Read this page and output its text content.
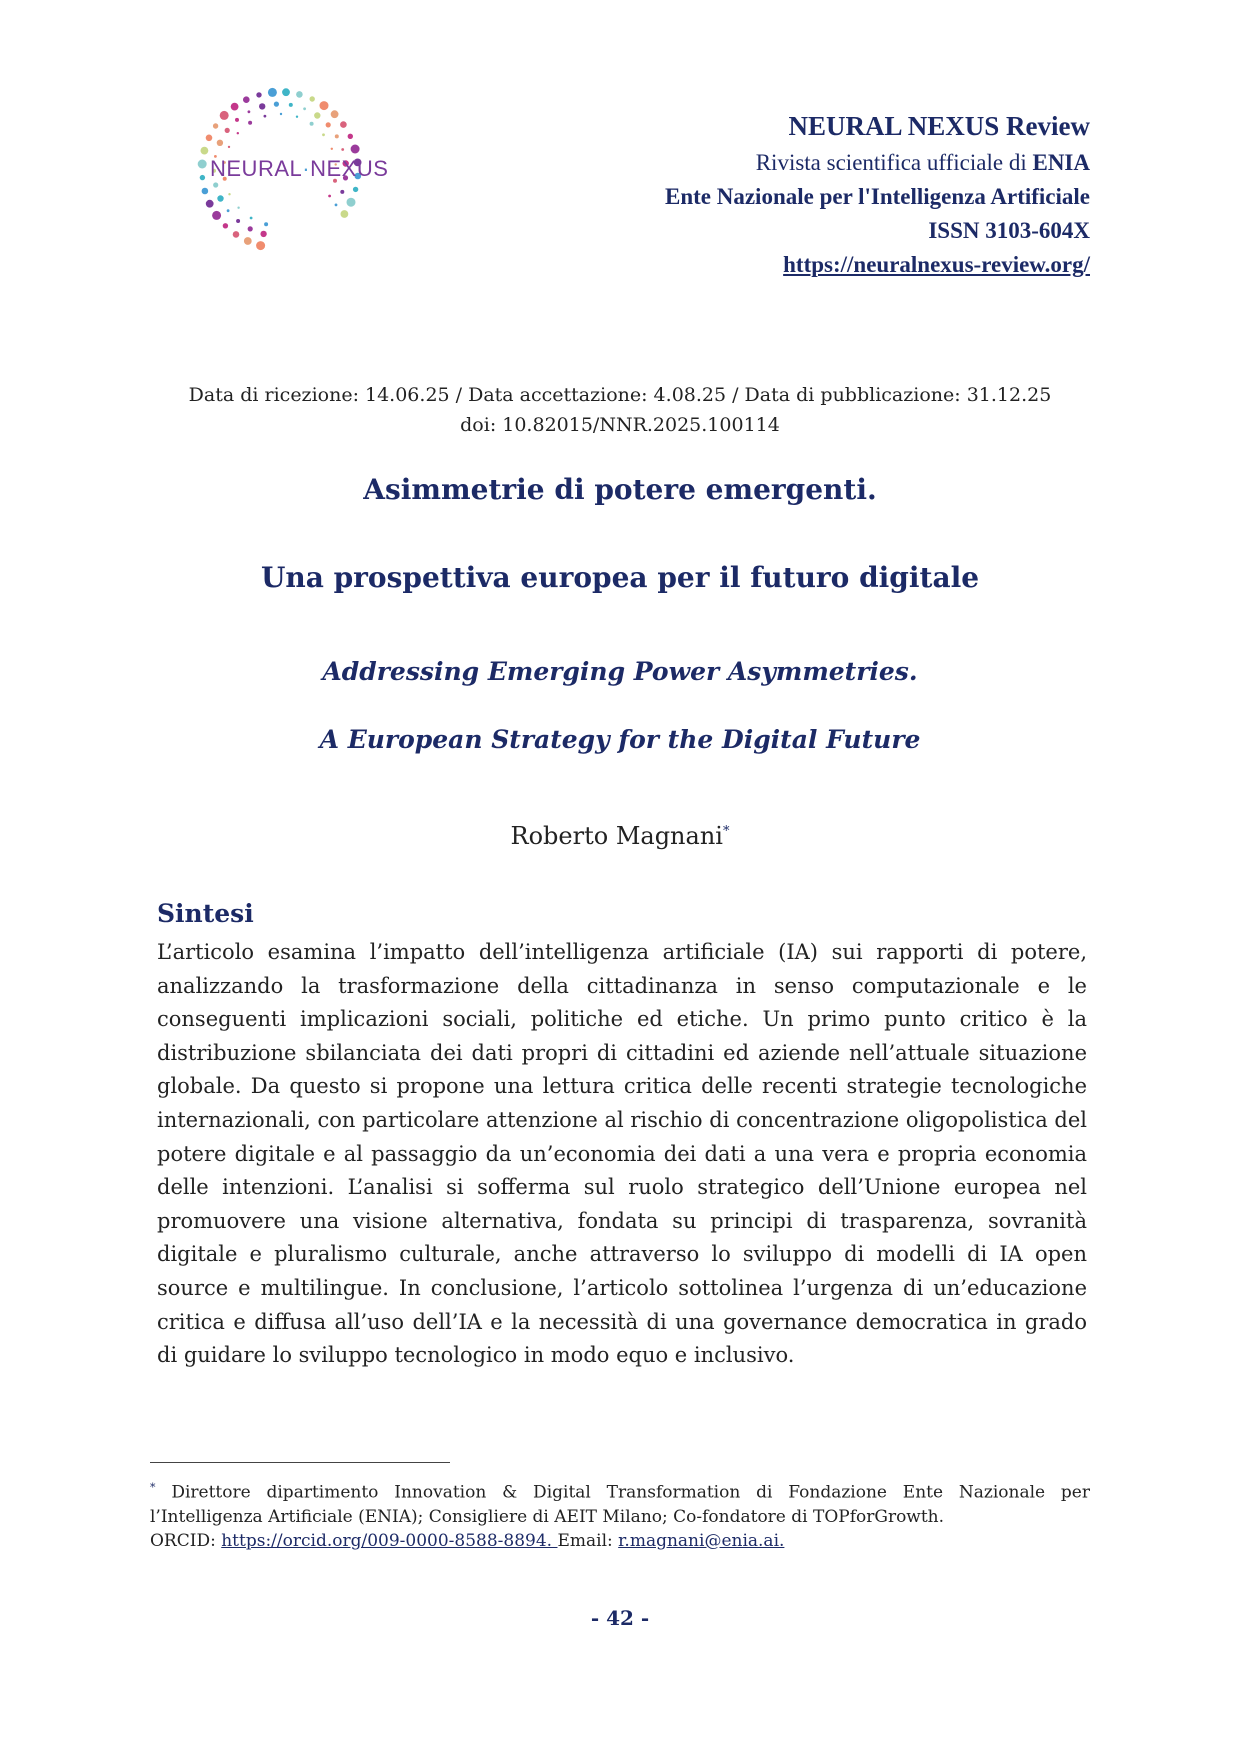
NEURAL·NEXUS

NEURAL NEXUS Review

Rivista scientifica ufficiale di ENIA

Ente Nazionale per l'Intelligenza Artificiale

ISSN 3103-604X

https://neuralnexus-review.org/

Data di ricezione: 14.06.25 / Data accettazione: 4.08.25 / Data di pubblicazione: 31.12.25

doi: 10.82015/NNR.2025.100114

Asimmetrie di potere emergenti.

Una prospettiva europea per il futuro digitale

Addressing Emerging Power Asymmetries.

A European Strategy for the Digital Future

Roberto Magnani*
Sintesi

L’articolo esamina l’impatto dell’intelligenza artificiale (IA) sui rapporti di potere, analizzando la trasformazione della cittadinanza in senso computazionale e le conseguenti implicazioni sociali, politiche ed etiche. Un primo punto critico è la distribuzione sbilanciata dei dati propri di cittadini ed aziende nell’attuale situazione globale. Da questo si propone una lettura critica delle recenti strategie tecnologiche internazionali, con particolare attenzione al rischio di concentrazione oligopolistica del potere digitale e al passaggio da un’economia dei dati a una vera e propria economia delle intenzioni. L’analisi si sofferma sul ruolo strategico dell’Unione europea nel promuovere una visione alternativa, fondata su principi di trasparenza, sovranità digitale e pluralismo culturale, anche attraverso lo sviluppo di modelli di IA open source e multilingue. In conclusione, l’articolo sottolinea l’urgenza di un’educazione critica e diffusa all’uso dell’IA e la necessità di una governance democratica in grado di guidare lo sviluppo tecnologico in modo equo e inclusivo.

* Direttore dipartimento Innovation & Digital Transformation di Fondazione Ente Nazionale per l’Intelligenza Artificiale (ENIA); Consigliere di AEIT Milano; Co-fondatore di TOPforGrowth.

ORCID: https://orcid.org/009-0000-8588-8894. Email: r.magnani@enia.ai.

- 42 -
